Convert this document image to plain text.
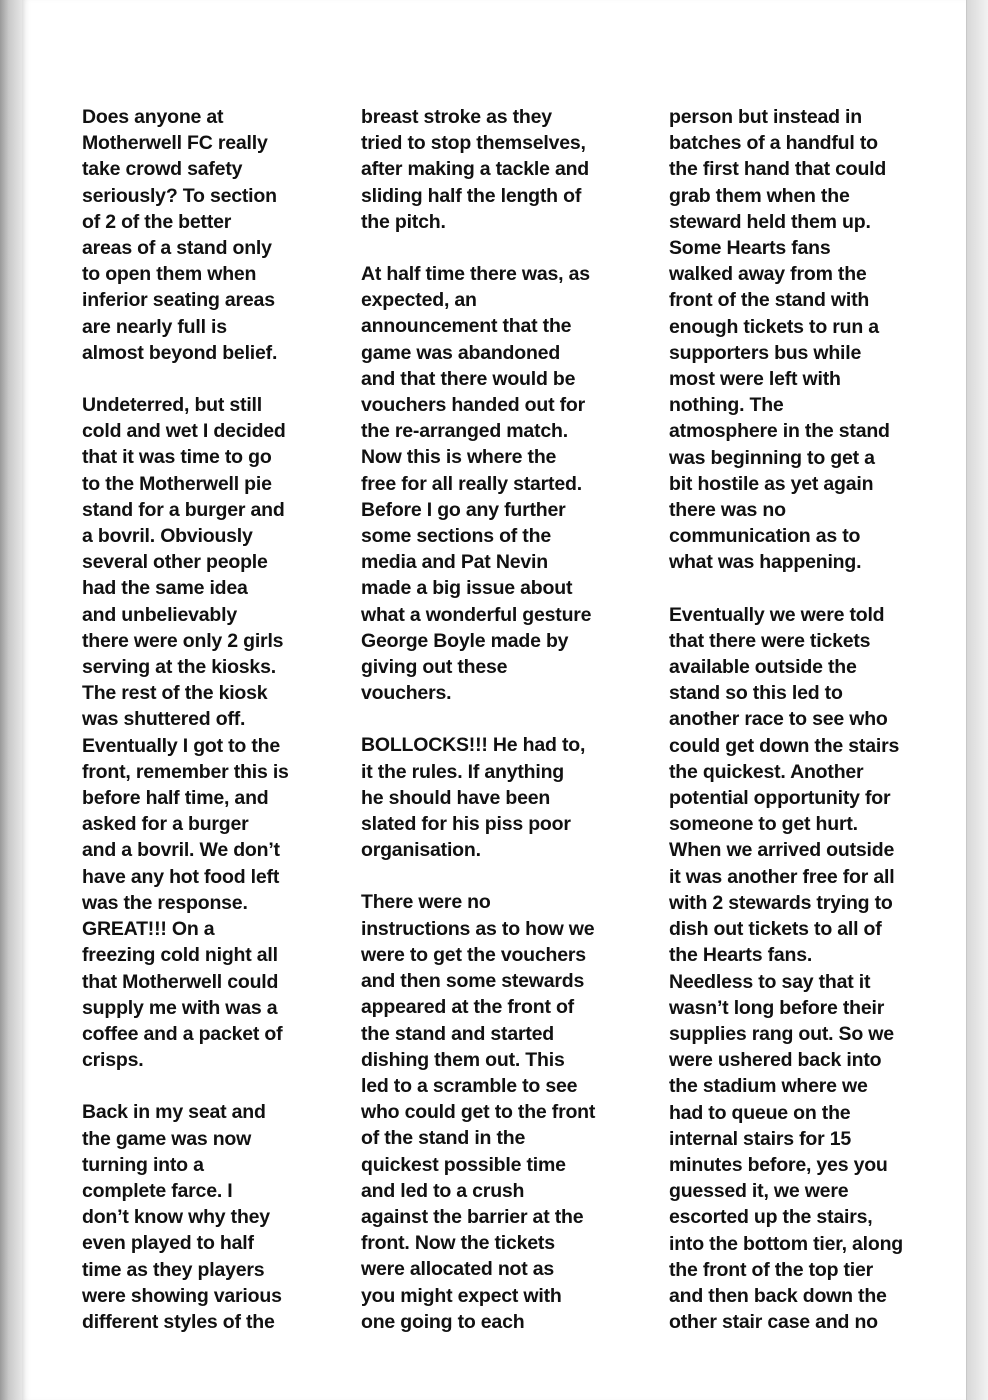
Does anyone at

Motherwell FC really

take crowd safety

seriously? To section

of 2 of the better

areas of a stand only

to open them when

inferior seating areas

are nearly full is

almost beyond belief.

Undeterred, but still

cold and wet I decided

that it was time to go

to the Motherwell pie

stand for a burger and

a bovril. Obviously

several other people

had the same idea

and unbelievably

there were only 2 girls

serving at the kiosks.

The rest of the kiosk

was shuttered off.

Eventually I got to the

front, remember this is

before half time, and

asked for a burger

and a bovril. We don’t

have any hot food left

was the response.

GREAT!!! On a

freezing cold night all

that Motherwell could

supply me with was a

coffee and a packet of

crisps.

Back in my seat and

the game was now

turning into a

complete farce. I

don’t know why they

even played to half

time as they players

were showing various

different styles of the

breast stroke as they

tried to stop themselves,

after making a tackle and

sliding half the length of

the pitch.

At half time there was, as

expected, an

announcement that the

game was abandoned

and that there would be

vouchers handed out for

the re-arranged match.

Now this is where the

free for all really started.

Before I go any further

some sections of the

media and Pat Nevin

made a big issue about

what a wonderful gesture

George Boyle made by

giving out these

vouchers.

BOLLOCKS!!! He had to,

it the rules. If anything

he should have been

slated for his piss poor

organisation.

There were no

instructions as to how we

were to get the vouchers

and then some stewards

appeared at the front of

the stand and started

dishing them out. This

led to a scramble to see

who could get to the front

of the stand in the

quickest possible time

and led to a crush

against the barrier at the

front. Now the tickets

were allocated not as

you might expect with

one going to each

person but instead in

batches of a handful to

the first hand that could

grab them when the

steward held them up.

Some Hearts fans

walked away from the

front of the stand with

enough tickets to run a

supporters bus while

most were left with

nothing. The

atmosphere in the stand

was beginning to get a

bit hostile as yet again

there was no

communication as to

what was happening.

Eventually we were told

that there were tickets

available outside the

stand so this led to

another race to see who

could get down the stairs

the quickest. Another

potential opportunity for

someone to get hurt.

When we arrived outside

it was another free for all

with 2 stewards trying to

dish out tickets to all of

the Hearts fans.

Needless to say that it

wasn’t long before their

supplies rang out. So we

were ushered back into

the stadium where we

had to queue on the

internal stairs for 15

minutes before, yes you

guessed it, we were

escorted up the stairs,

into the bottom tier, along

the front of the top tier

and then back down the

other stair case and no
